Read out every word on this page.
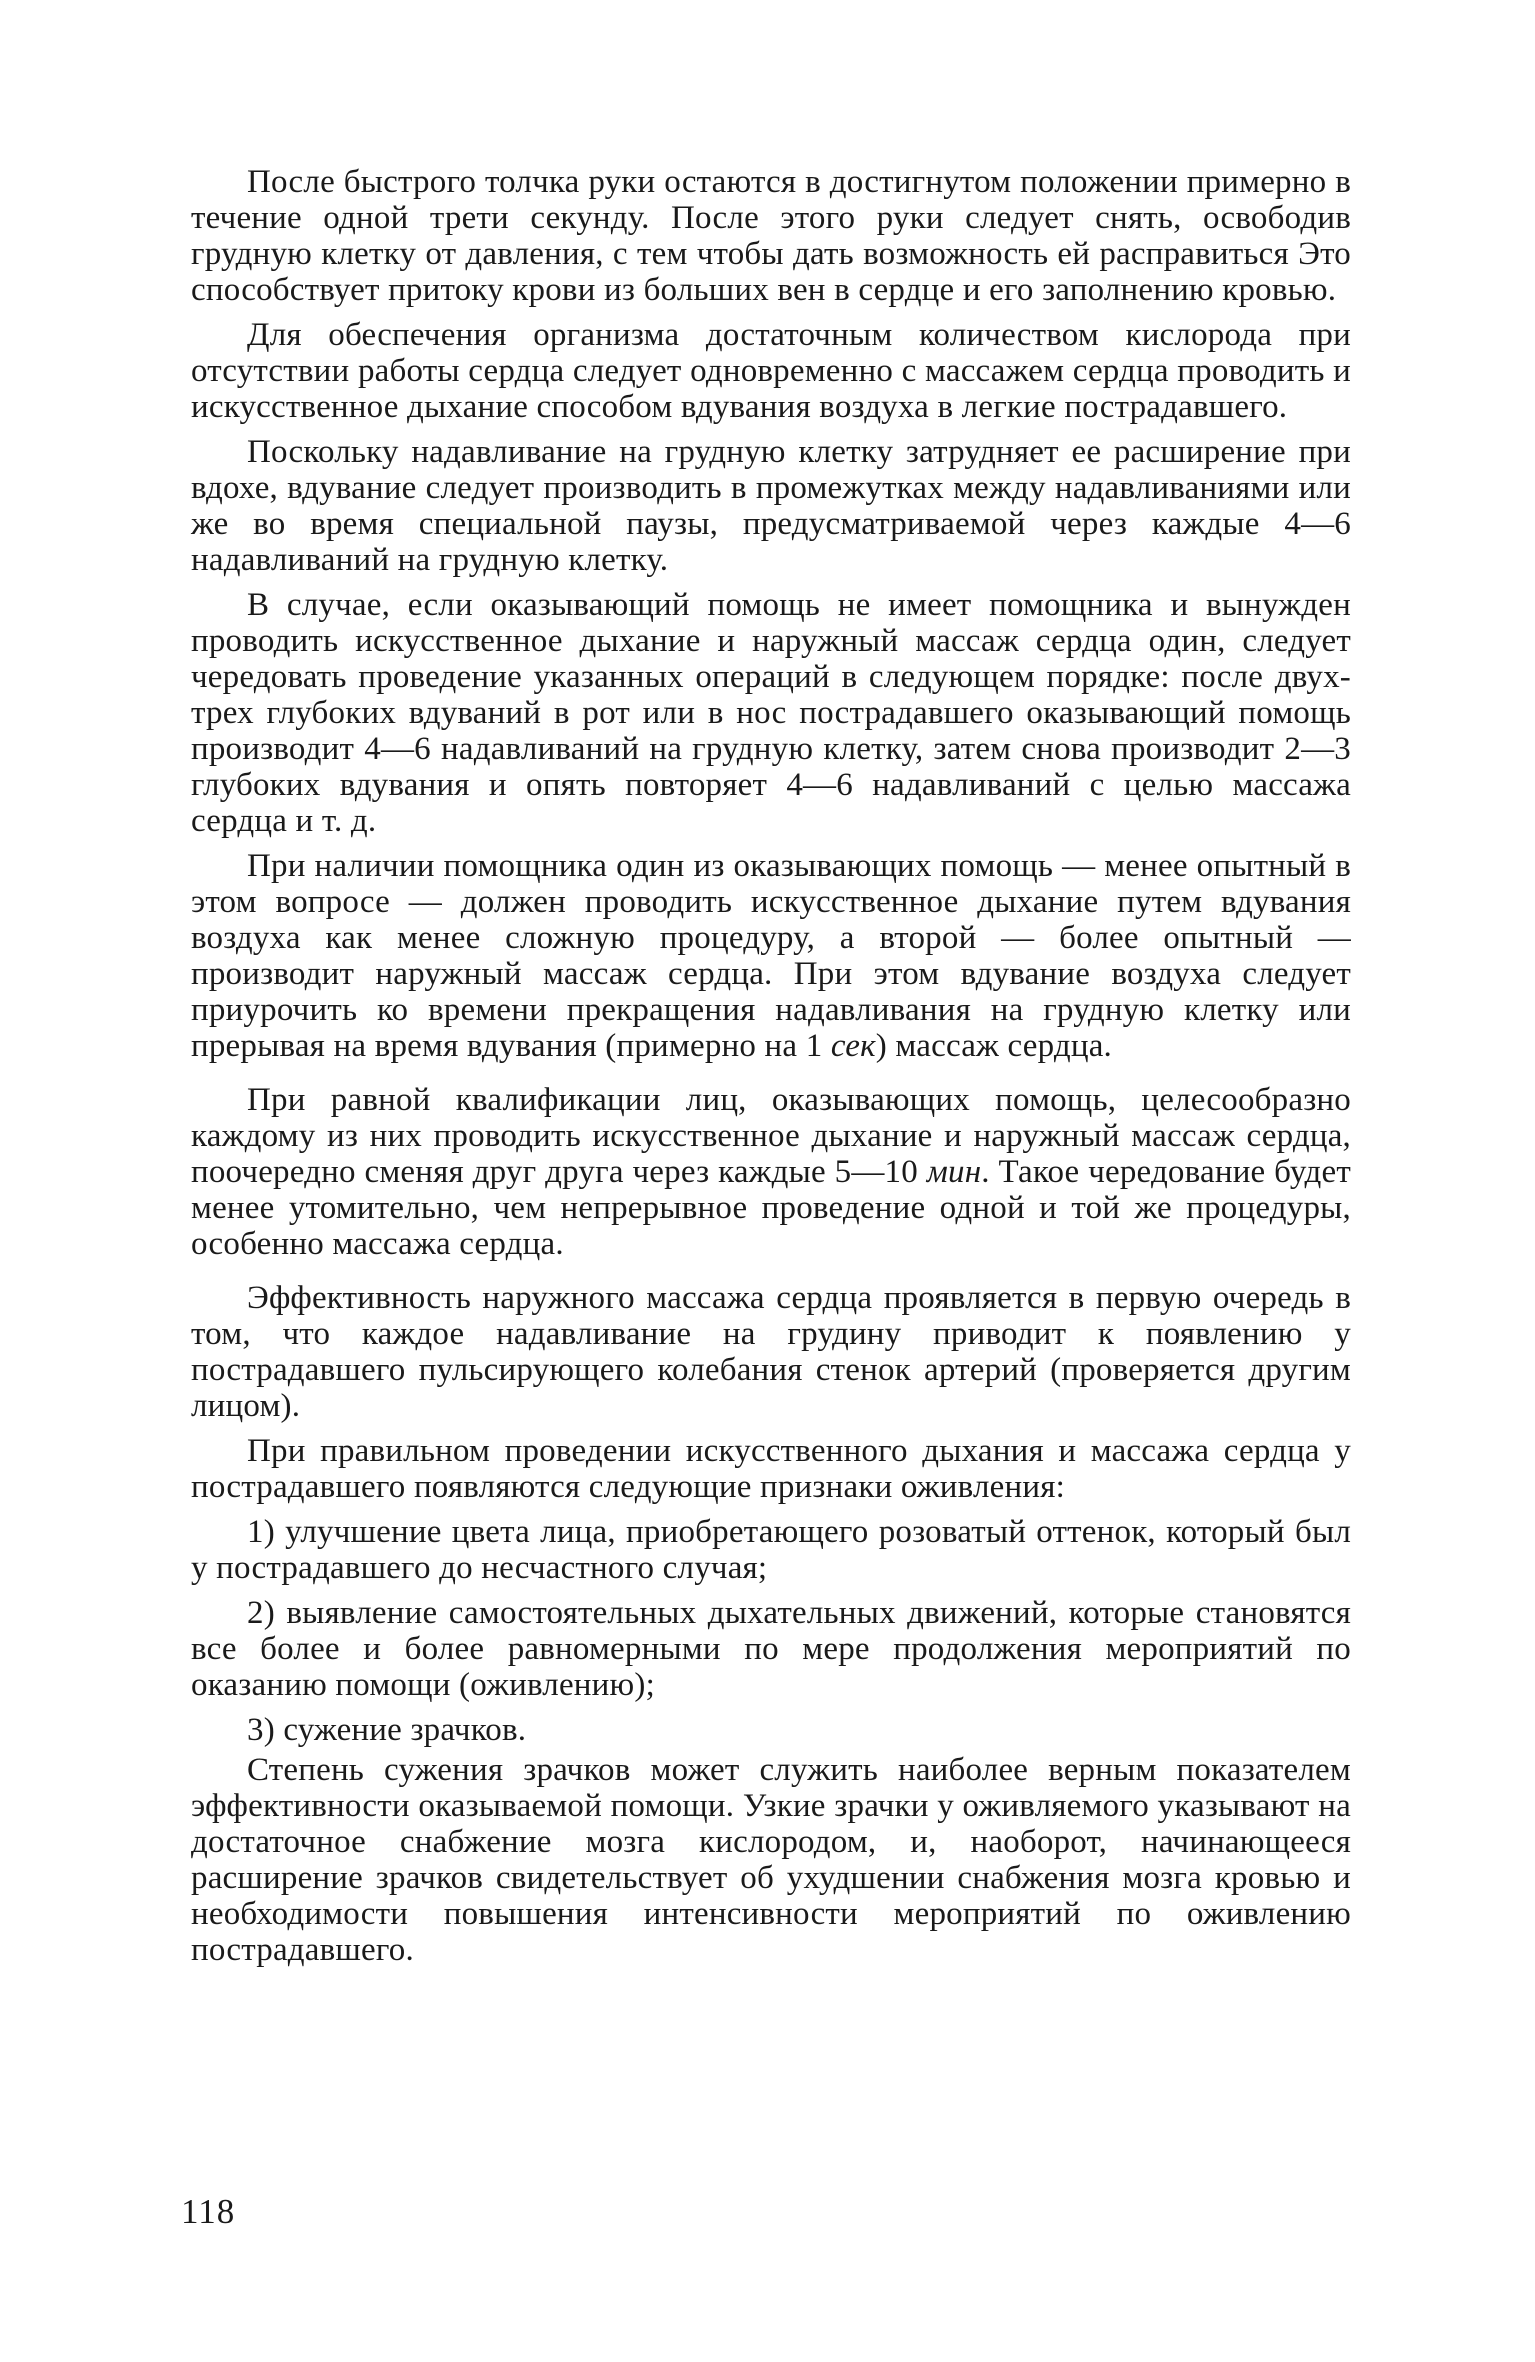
После быстрого толчка руки остаются в достигнутом положении примерно в течение одной трети секунду. После этого руки следует снять, освободив грудную клетку от давления, с тем чтобы дать возможность ей расправиться Это способствует притоку крови из больших вен в сердце и его заполнению кровью.

Для обеспечения организма достаточным количеством кислорода при отсутствии работы сердца следует одновременно с массажем сердца проводить и искусственное дыхание способом вдувания воздуха в легкие пострадавшего.

Поскольку надавливание на грудную клетку затрудняет ее расширение при вдохе, вдувание следует производить в промежутках между надавливаниями или же во время специальной паузы, предусматриваемой через каждые 4—6 надавливаний на грудную клетку.

В случае, если оказывающий помощь не имеет помощника и вынужден проводить искусственное дыхание и наружный массаж сердца один, следует чередовать проведение указанных операций в следующем порядке: после двух-трех глубоких вдуваний в рот или в нос пострадавшего оказывающий помощь производит 4—6 надавливаний на грудную клетку, затем снова производит 2—3 глубоких вдувания и опять повторяет 4—6 надавливаний с целью массажа сердца и т. д.

При наличии помощника один из оказывающих помощь — менее опытный в этом вопросе — должен проводить искусственное дыхание путем вдувания воздуха как менее сложную процедуру, а второй — более опытный — производит наружный массаж сердца. При этом вдувание воздуха следует приурочить ко времени прекращения надавливания на грудную клетку или прерывая на время вдувания (примерно на 1 сек) массаж сердца.

При равной квалификации лиц, оказывающих помощь, целесообразно каждому из них проводить искусственное дыхание и наружный массаж сердца, поочередно сменяя друг друга через каждые 5—10 мин. Такое чередование будет менее утомительно, чем непрерывное проведение одной и той же процедуры, особенно массажа сердца.

Эффективность наружного массажа сердца проявляется в первую очередь в том, что каждое надавливание на грудину приводит к появлению у пострадавшего пульсирующего колебания стенок артерий (проверяется другим лицом).

При правильном проведении искусственного дыхания и массажа сердца у пострадавшего появляются следующие признаки оживления:

1) улучшение цвета лица, приобретающего розоватый оттенок, который был у пострадавшего до несчастного случая;

2) выявление самостоятельных дыхательных движений, которые становятся все более и более равномерными по мере продолжения мероприятий по оказанию помощи (оживлению);

3) сужение зрачков.

Степень сужения зрачков может служить наиболее верным показателем эффективности оказываемой помощи. Узкие зрачки у оживляемого указывают на достаточное снабжение мозга кислородом, и, наоборот, начинающееся расширение зрачков свидетельствует об ухудшении снабжения мозга кровью и необходимости повышения интенсивности мероприятий по оживлению пострадавшего.

118
